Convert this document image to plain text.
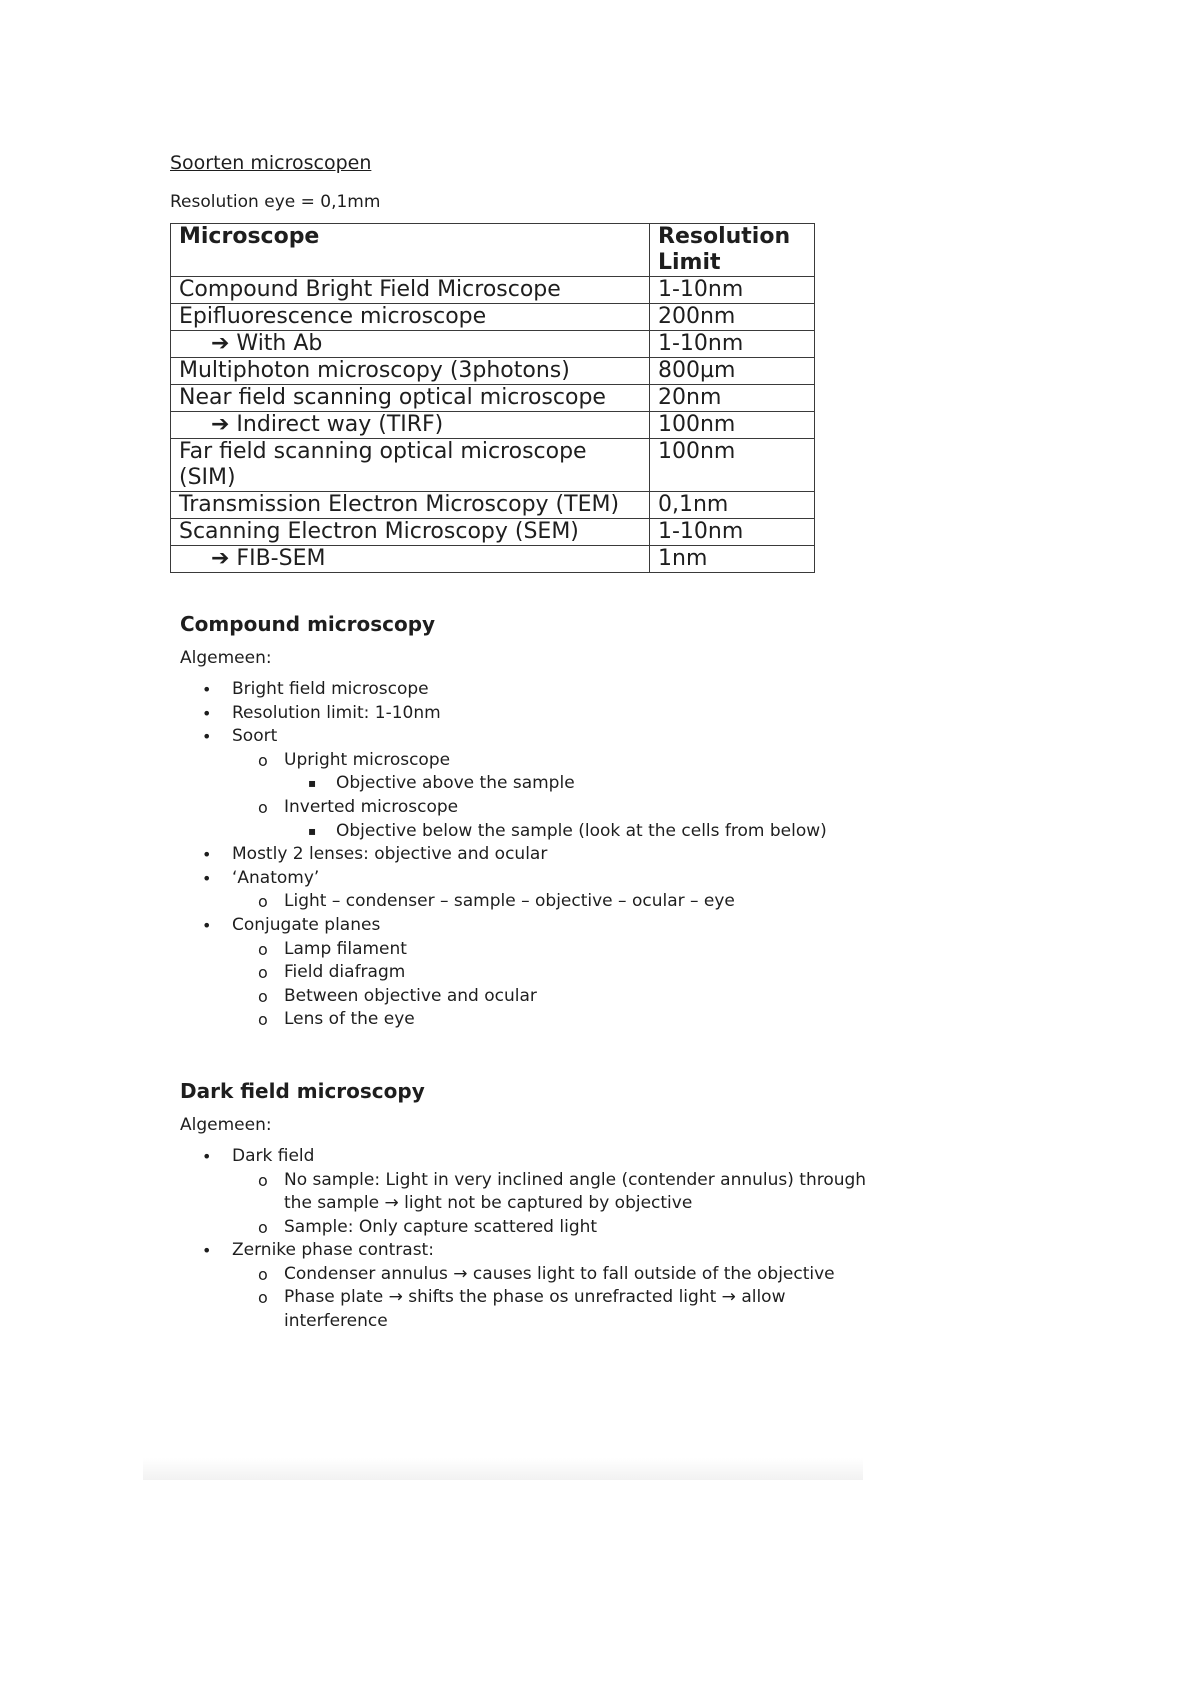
Soorten microscopen

Resolution eye = 0,1mm

Microscope	Resolution Limit
Compound Bright Field Microscope	1-10nm
Epifluorescence microscope	200nm
➔ With Ab	1-10nm
Multiphoton microscopy (3photons)	800µm
Near field scanning optical microscope	20nm
➔ Indirect way (TIRF)	100nm
Far field scanning optical microscope (SIM)	100nm
Transmission Electron Microscopy (TEM)	0,1nm
Scanning Electron Microscopy (SEM)	1-10nm
➔ FIB-SEM	1nm
Compound microscopy

Algemeen:

• Bright field microscope
• Resolution limit: 1-10nm
• Soort
o Upright microscope
▪ Objective above the sample
o Inverted microscope
▪ Objective below the sample (look at the cells from below)
• Mostly 2 lenses: objective and ocular
• ‘Anatomy’
o Light – condenser – sample – objective – ocular – eye
• Conjugate planes
o Lamp filament
o Field diafragm
o Between objective and ocular
o Lens of the eye
Dark field microscopy

Algemeen:

• Dark field
o No sample: Light in very inclined angle (contender annulus) through the sample → light not be captured by objective
o Sample: Only capture scattered light
• Zernike phase contrast:
o Condenser annulus → causes light to fall outside of the objective
o Phase plate → shifts the phase os unrefracted light → allow interference
